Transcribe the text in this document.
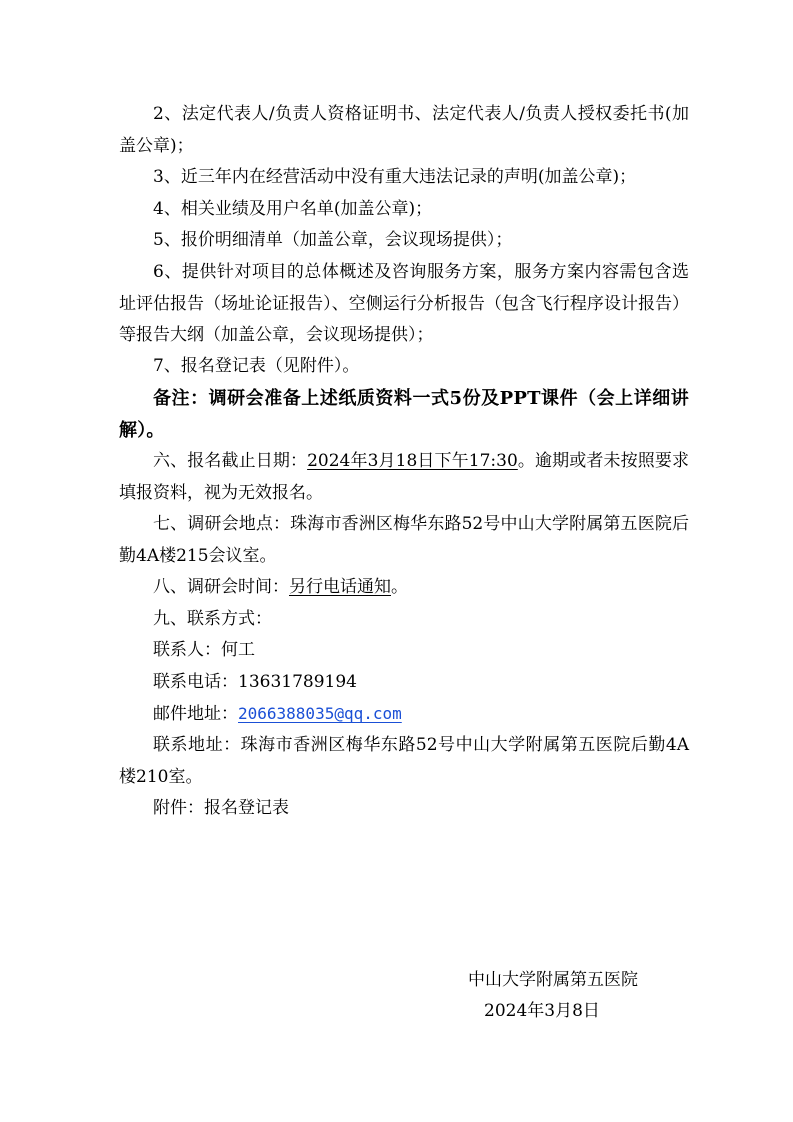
2、法定代表人/负责人资格证明书、法定代表人/负责人授权委托书(加盖公章)；
3、近三年内在经营活动中没有重大违法记录的声明(加盖公章)；
4、相关业绩及用户名单(加盖公章)；
5、报价明细清单（加盖公章，会议现场提供）；
6、提供针对项目的总体概述及咨询服务方案，服务方案内容需包含选址评估报告（场址论证报告）、空侧运行分析报告（包含飞行程序设计报告）等报告大纲（加盖公章，会议现场提供）；
7、报名登记表（见附件）。
备注：调研会准备上述纸质资料一式5份及PPT课件（会上详细讲解）。
六、报名截止日期：2024年3月18日下午17:30。逾期或者未按照要求填报资料，视为无效报名。
七、调研会地点：珠海市香洲区梅华东路52号中山大学附属第五医院后勤4A楼215会议室。
八、调研会时间：另行电话通知。
九、联系方式：
联系人：何工
联系电话：13631789194
邮件地址：2066388035@qq.com
联系地址：珠海市香洲区梅华东路52号中山大学附属第五医院后勤4A楼210室。
附件：报名登记表
中山大学附属第五医院
2024年3月8日
